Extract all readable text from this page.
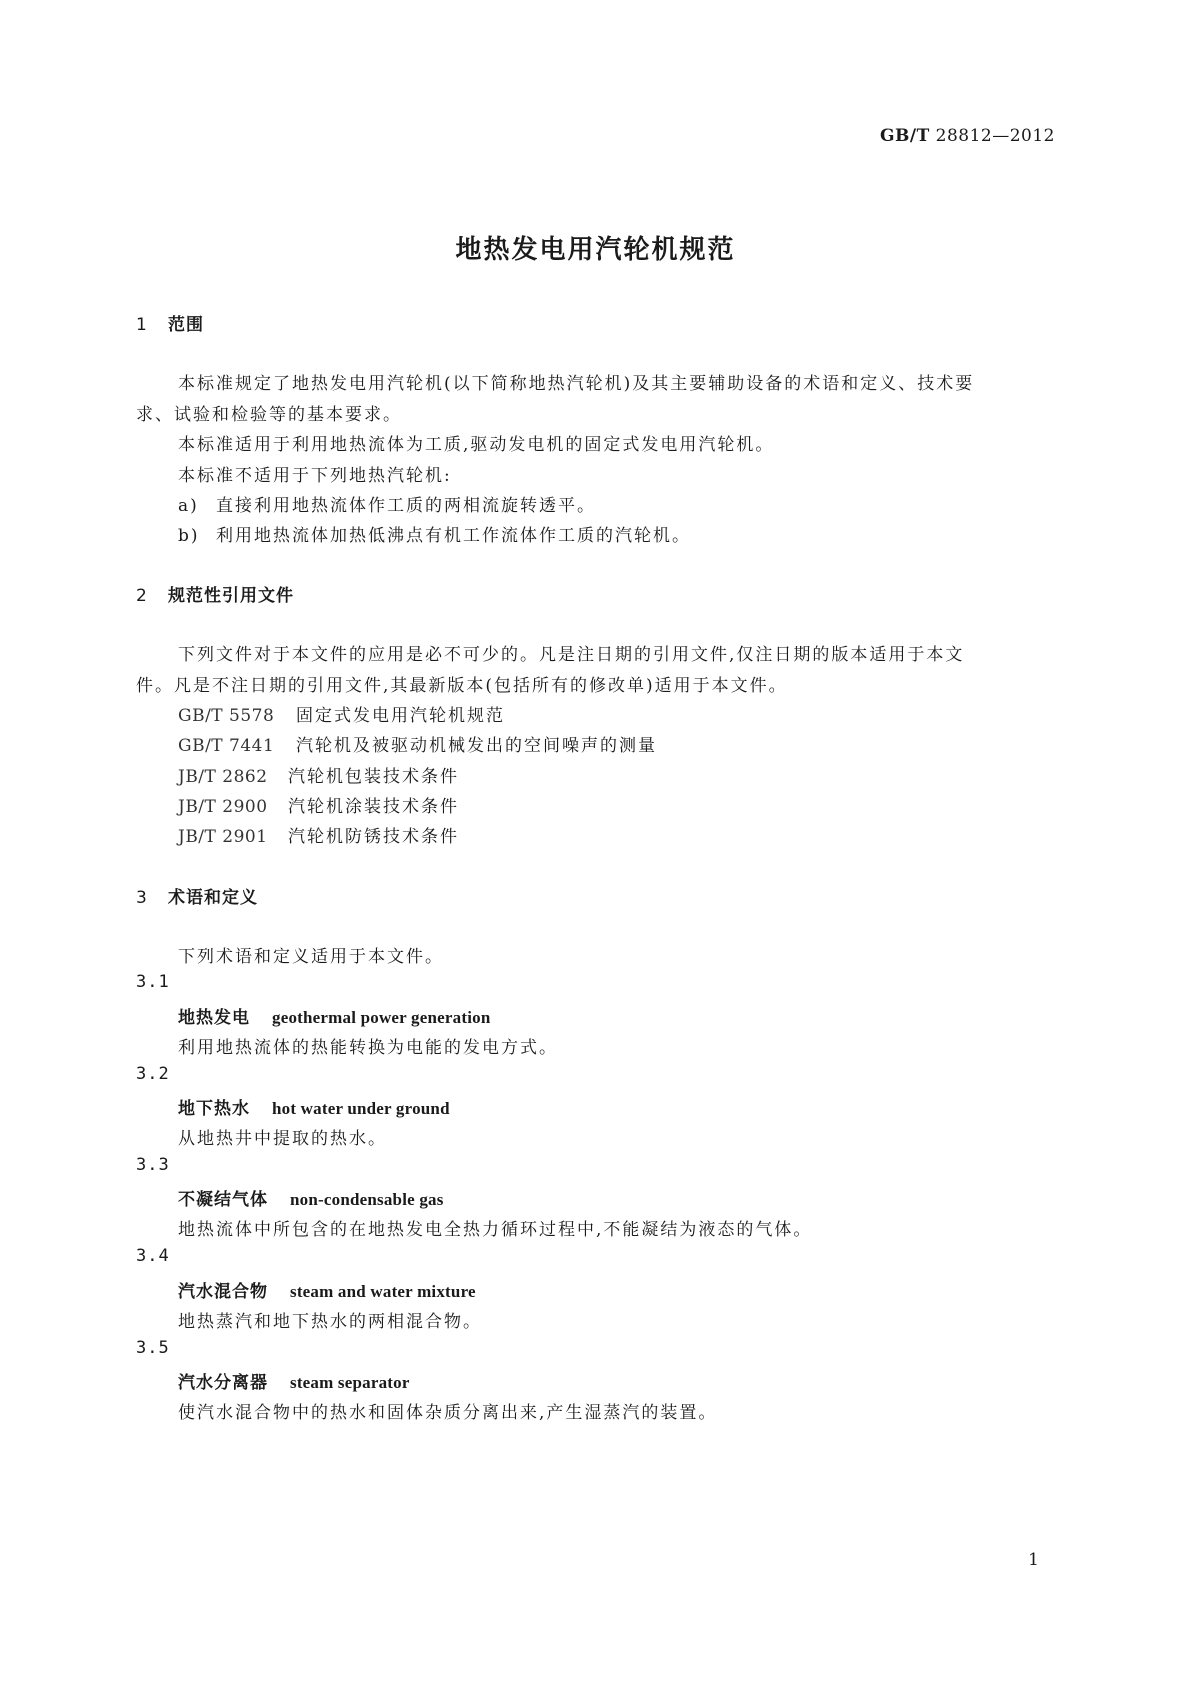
GB/T 28812—2012
地热发电用汽轮机规范
1 范围
本标准规定了地热发电用汽轮机(以下简称地热汽轮机)及其主要辅助设备的术语和定义、技术要
求、试验和检验等的基本要求。
本标准适用于利用地热流体为工质,驱动发电机的固定式发电用汽轮机。
本标准不适用于下列地热汽轮机:
a) 直接利用地热流体作工质的两相流旋转透平。
b) 利用地热流体加热低沸点有机工作流体作工质的汽轮机。
2 规范性引用文件
下列文件对于本文件的应用是必不可少的。凡是注日期的引用文件,仅注日期的版本适用于本文
件。凡是不注日期的引用文件,其最新版本(包括所有的修改单)适用于本文件。
GB/T 5578 固定式发电用汽轮机规范
GB/T 7441 汽轮机及被驱动机械发出的空间噪声的测量
JB/T 2862 汽轮机包装技术条件
JB/T 2900 汽轮机涂装技术条件
JB/T 2901 汽轮机防锈技术条件
3 术语和定义
下列术语和定义适用于本文件。
3.1
地热发电 geothermal power generation
利用地热流体的热能转换为电能的发电方式。
3.2
地下热水 hot water under ground
从地热井中提取的热水。
3.3
不凝结气体 non-condensable gas
地热流体中所包含的在地热发电全热力循环过程中,不能凝结为液态的气体。
3.4
汽水混合物 steam and water mixture
地热蒸汽和地下热水的两相混合物。
3.5
汽水分离器 steam separator
使汽水混合物中的热水和固体杂质分离出来,产生湿蒸汽的装置。
1
